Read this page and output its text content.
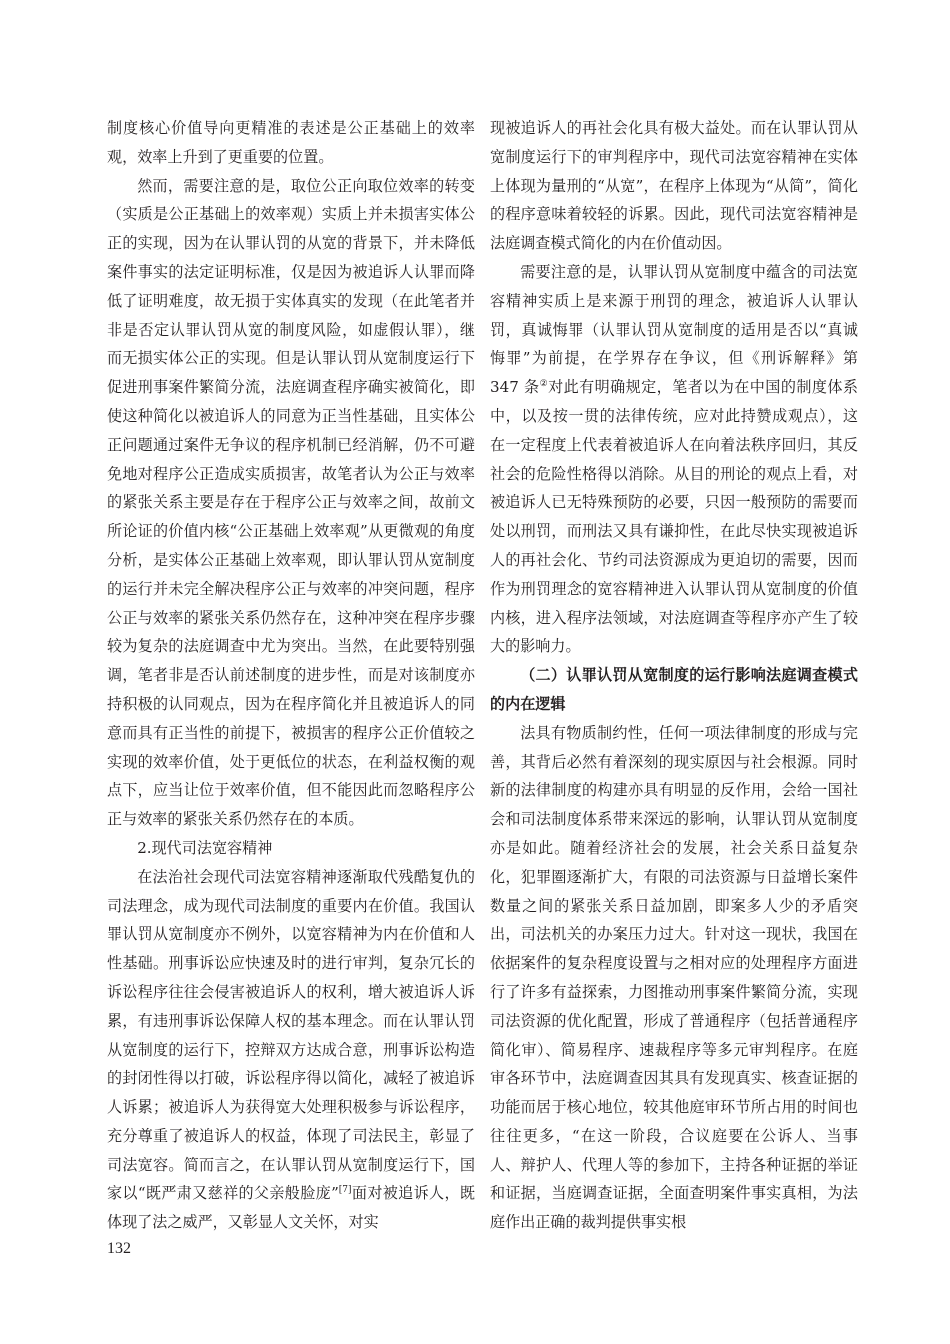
制度核心价值导向更精准的表述是公正基础上的效率观，效率上升到了更重要的位置。

然而，需要注意的是，取位公正向取位效率的转变（实质是公正基础上的效率观）实质上并未损害实体公正的实现，因为在认罪认罚的从宽的背景下，并未降低案件事实的法定证明标准，仅是因为被追诉人认罪而降低了证明难度，故无损于实体真实的发现（在此笔者并非是否定认罪认罚从宽的制度风险，如虚假认罪），继而无损实体公正的实现。但是认罪认罚从宽制度运行下促进刑事案件繁简分流，法庭调查程序确实被简化，即使这种简化以被追诉人的同意为正当性基础，且实体公正问题通过案件无争议的程序机制已经消解，仍不可避免地对程序公正造成实质损害，故笔者认为公正与效率的紧张关系主要是存在于程序公正与效率之间，故前文所论证的价值内核“公正基础上效率观”从更微观的角度分析，是实体公正基础上效率观，即认罪认罚从宽制度的运行并未完全解决程序公正与效率的冲突问题，程序公正与效率的紧张关系仍然存在，这种冲突在程序步骤较为复杂的法庭调查中尤为突出。当然，在此要特别强调，笔者非是否认前述制度的进步性，而是对该制度亦持积极的认同观点，因为在程序简化并且被追诉人的同意而具有正当性的前提下，被损害的程序公正价值较之实现的效率价值，处于更低位的状态，在利益权衡的观点下，应当让位于效率价值，但不能因此而忽略程序公正与效率的紧张关系仍然存在的本质。

2.现代司法宽容精神

在法治社会现代司法宽容精神逐渐取代残酷复仇的司法理念，成为现代司法制度的重要内在价值。我国认罪认罚从宽制度亦不例外，以宽容精神为内在价值和人性基础。刑事诉讼应快速及时的进行审判，复杂冗长的诉讼程序往往会侵害被追诉人的权利，增大被追诉人诉累，有违刑事诉讼保障人权的基本理念。而在认罪认罚从宽制度的运行下，控辩双方达成合意，刑事诉讼构造的封闭性得以打破，诉讼程序得以简化，减轻了被追诉人诉累；被追诉人为获得宽大处理积极参与诉讼程序，充分尊重了被追诉人的权益，体现了司法民主，彰显了司法宽容。简而言之，在认罪认罚从宽制度运行下，国家以“既严肃又慈祥的父亲般脸庞”[7]面对被追诉人，既体现了法之威严，又彰显人文关怀，对实

现被追诉人的再社会化具有极大益处。而在认罪认罚从宽制度运行下的审判程序中，现代司法宽容精神在实体上体现为量刑的“从宽”，在程序上体现为“从简”，简化的程序意味着较轻的诉累。因此，现代司法宽容精神是法庭调查模式简化的内在价值动因。

需要注意的是，认罪认罚从宽制度中蕴含的司法宽容精神实质上是来源于刑罚的理念，被追诉人认罪认罚，真诚悔罪（认罪认罚从宽制度的适用是否以“真诚悔罪”为前提，在学界存在争议，但《刑诉解释》第 347 条②对此有明确规定，笔者以为在中国的制度体系中，以及按一贯的法律传统，应对此持赞成观点），这在一定程度上代表着被追诉人在向着法秩序回归，其反社会的危险性格得以消除。从目的刑论的观点上看，对被追诉人已无特殊预防的必要，只因一般预防的需要而处以刑罚，而刑法又具有谦抑性，在此尽快实现被追诉人的再社会化、节约司法资源成为更迫切的需要，因而作为刑罚理念的宽容精神进入认罪认罚从宽制度的价值内核，进入程序法领域，对法庭调查等程序亦产生了较大的影响力。

（二）认罪认罚从宽制度的运行影响法庭调查模式的内在逻辑

法具有物质制约性，任何一项法律制度的形成与完善，其背后必然有着深刻的现实原因与社会根源。同时新的法律制度的构建亦具有明显的反作用，会给一国社会和司法制度体系带来深远的影响，认罪认罚从宽制度亦是如此。随着经济社会的发展，社会关系日益复杂化，犯罪圈逐渐扩大，有限的司法资源与日益增长案件数量之间的紧张关系日益加剧，即案多人少的矛盾突出，司法机关的办案压力过大。针对这一现状，我国在依据案件的复杂程度设置与之相对应的处理程序方面进行了许多有益探索，力图推动刑事案件繁简分流，实现司法资源的优化配置，形成了普通程序（包括普通程序简化审）、简易程序、速裁程序等多元审判程序。在庭审各环节中，法庭调查因其具有发现真实、核查证据的功能而居于核心地位，较其他庭审环节所占用的时间也往往更多，“在这一阶段，合议庭要在公诉人、当事人、辩护人、代理人等的参加下，主持各种证据的举证和证据，当庭调查证据，全面查明案件事实真相，为法庭作出正确的裁判提供事实根

132
